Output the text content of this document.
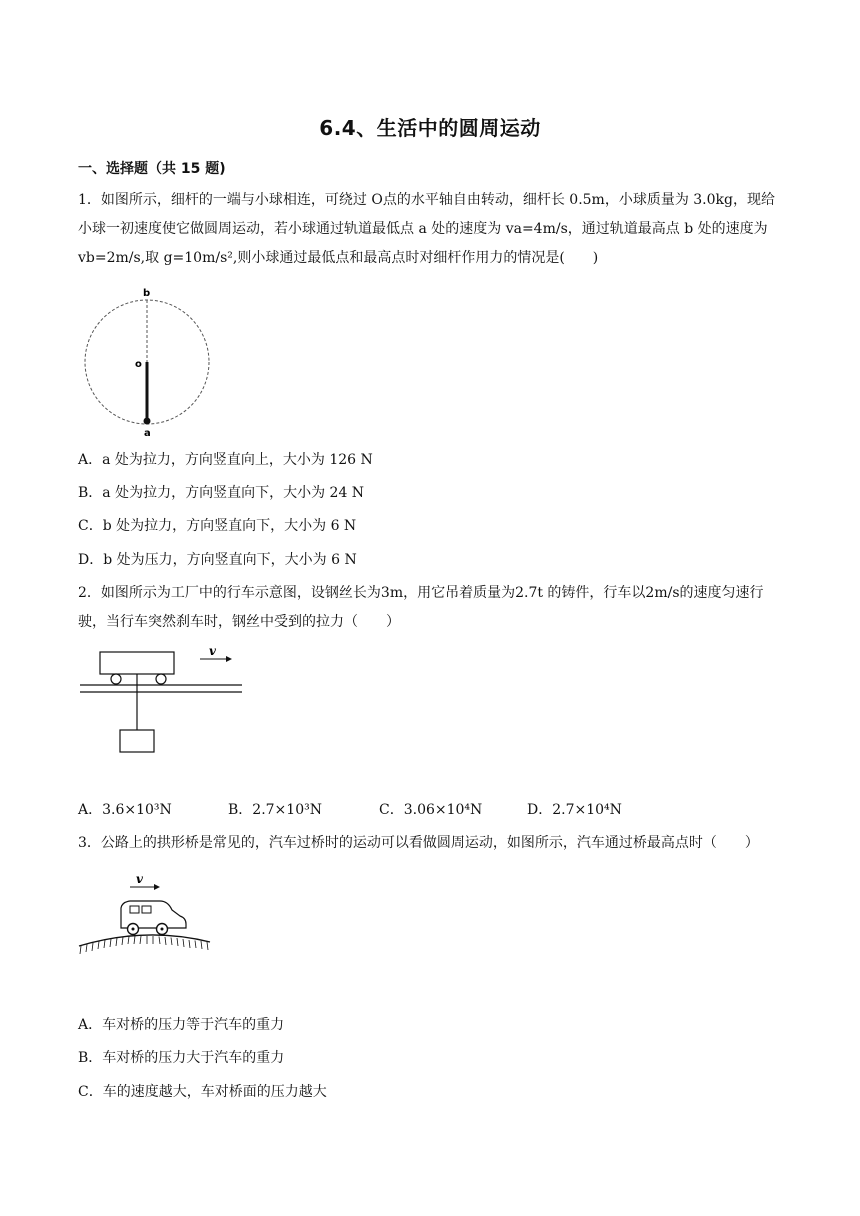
6.4、生活中的圆周运动
一、选择题（共 15 题)
1．如图所示，细杆的一端与小球相连，可绕过 O点的水平轴自由转动，细杆长 0.5m，小球质量为 3.0kg，现给小球一初速度使它做圆周运动，若小球通过轨道最低点 a 处的速度为 va=4m/s，通过轨道最高点 b 处的速度为 vb=2m/s,取 g=10m/s²,则小球通过最低点和最高点时对细杆作用力的情况是(　　)
b
o
a
A．a 处为拉力，方向竖直向上，大小为 126 N
B．a 处为拉力，方向竖直向下，大小为 24 N
C．b 处为拉力，方向竖直向下，大小为 6 N
D．b 处为压力，方向竖直向下，大小为 6 N
2．如图所示为工厂中的行车示意图，设钢丝长为3m，用它吊着质量为2.7t 的铸件，行车以2m/s的速度匀速行驶，当行车突然刹车时，钢丝中受到的拉力（　　）
v
A．3.6×10³N	B．2.7×10³N	C．3.06×10⁴N	D．2.7×10⁴N
3．公路上的拱形桥是常见的，汽车过桥时的运动可以看做圆周运动，如图所示，汽车通过桥最高点时（　　）
v
A．车对桥的压力等于汽车的重力
B．车对桥的压力大于汽车的重力
C．车的速度越大，车对桥面的压力越大
